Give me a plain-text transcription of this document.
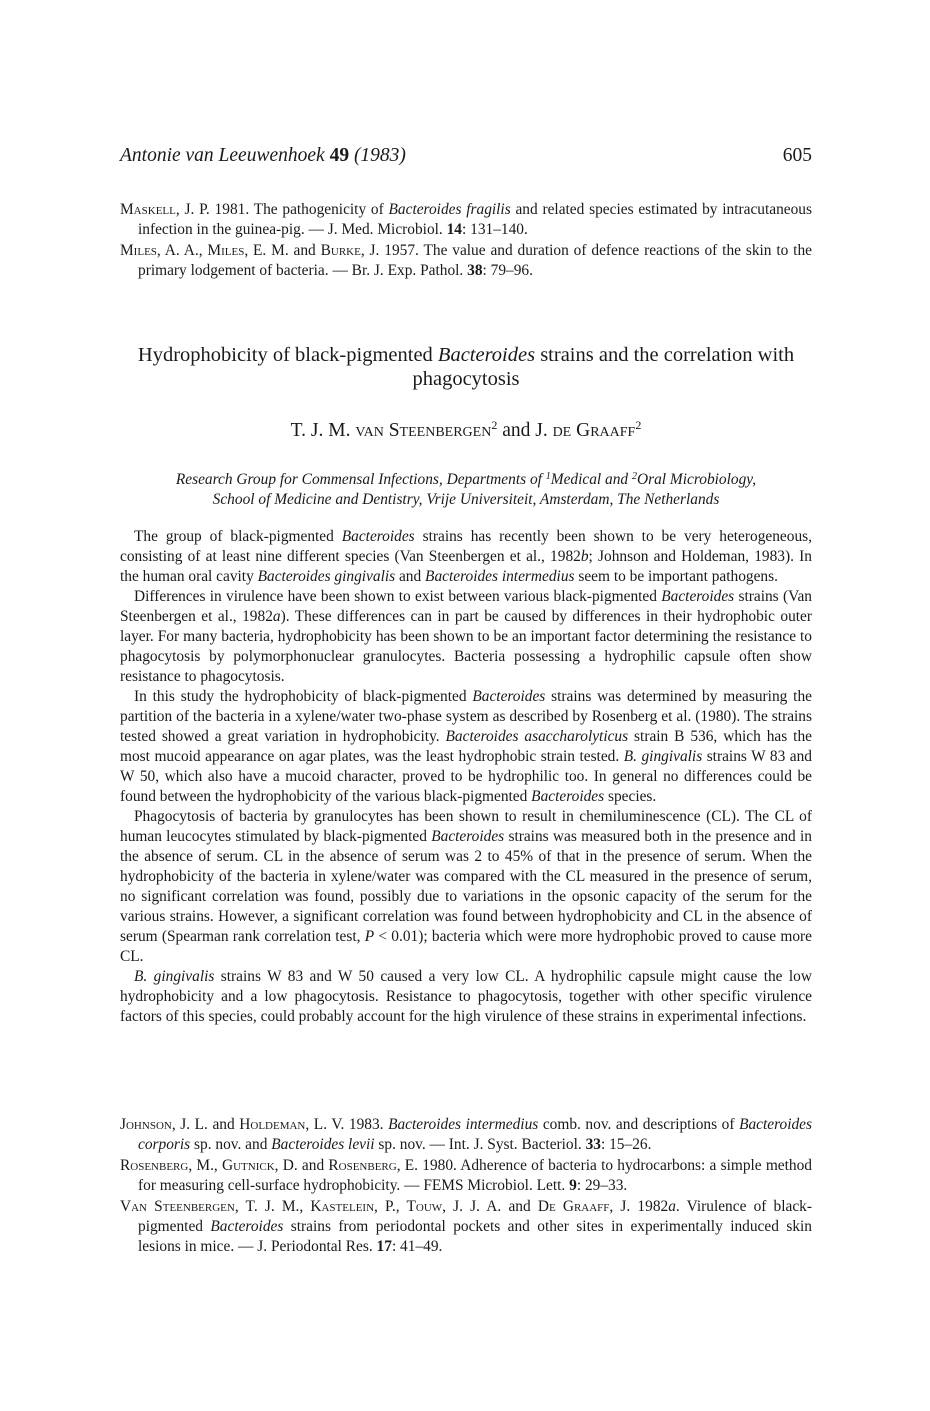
Antonie van Leeuwenhoek 49 (1983)	605
Maskell, J. P. 1981. The pathogenicity of Bacteroides fragilis and related species estimated by intracutaneous infection in the guinea-pig. — J. Med. Microbiol. 14: 131–140.
Miles, A. A., Miles, E. M. and Burke, J. 1957. The value and duration of defence reactions of the skin to the primary lodgement of bacteria. — Br. J. Exp. Pathol. 38: 79–96.
Hydrophobicity of black-pigmented Bacteroides strains and the correlation with phagocytosis
T. J. M. van Steenbergen$^2$ and J. de Graaff$^2$
Research Group for Commensal Infections, Departments of $^1$Medical and $^2$Oral Microbiology,
School of Medicine and Dentistry, Vrije Universiteit, Amsterdam, The Netherlands

The group of black-pigmented Bacteroides strains has recently been shown to be very heterogeneous, consisting of at least nine different species (Van Steenbergen et al., 1982b; Johnson and Holdeman, 1983). In the human oral cavity Bacteroides gingivalis and Bacteroides intermedius seem to be important pathogens.

Differences in virulence have been shown to exist between various black-pigmented Bacteroides strains (Van Steenbergen et al., 1982a). These differences can in part be caused by differences in their hydrophobic outer layer. For many bacteria, hydrophobicity has been shown to be an important factor determining the resistance to phagocytosis by polymorphonuclear granulocytes. Bacteria possessing a hydrophilic capsule often show resistance to phagocytosis.

In this study the hydrophobicity of black-pigmented Bacteroides strains was determined by measuring the partition of the bacteria in a xylene/water two-phase system as described by Rosenberg et al. (1980). The strains tested showed a great variation in hydrophobicity. Bacteroides asaccharolyticus strain B 536, which has the most mucoid appearance on agar plates, was the least hydrophobic strain tested. B. gingivalis strains W 83 and W 50, which also have a mucoid character, proved to be hydrophilic too. In general no differences could be found between the hydrophobicity of the various black-pigmented Bacteroides species.

Phagocytosis of bacteria by granulocytes has been shown to result in chemiluminescence (CL). The CL of human leucocytes stimulated by black-pigmented Bacteroides strains was measured both in the presence and in the absence of serum. CL in the absence of serum was 2 to 45% of that in the presence of serum. When the hydrophobicity of the bacteria in xylene/water was compared with the CL measured in the presence of serum, no significant correlation was found, possibly due to variations in the opsonic capacity of the serum for the various strains. However, a significant correlation was found between hydrophobicity and CL in the absence of serum (Spearman rank correlation test, P < 0.01); bacteria which were more hydrophobic proved to cause more CL.

B. gingivalis strains W 83 and W 50 caused a very low CL. A hydrophilic capsule might cause the low hydrophobicity and a low phagocytosis. Resistance to phagocytosis, together with other specific virulence factors of this species, could probably account for the high virulence of these strains in experimental infections.

Johnson, J. L. and Holdeman, L. V. 1983. Bacteroides intermedius comb. nov. and descriptions of Bacteroides corporis sp. nov. and Bacteroides levii sp. nov. — Int. J. Syst. Bacteriol. 33: 15–26.
Rosenberg, M., Gutnick, D. and Rosenberg, E. 1980. Adherence of bacteria to hydrocarbons: a simple method for measuring cell-surface hydrophobicity. — FEMS Microbiol. Lett. 9: 29–33.
Van Steenbergen, T. J. M., Kastelein, P., Touw, J. J. A. and De Graaff, J. 1982a. Virulence of black-pigmented Bacteroides strains from periodontal pockets and other sites in experimentally induced skin lesions in mice. — J. Periodontal Res. 17: 41–49.
